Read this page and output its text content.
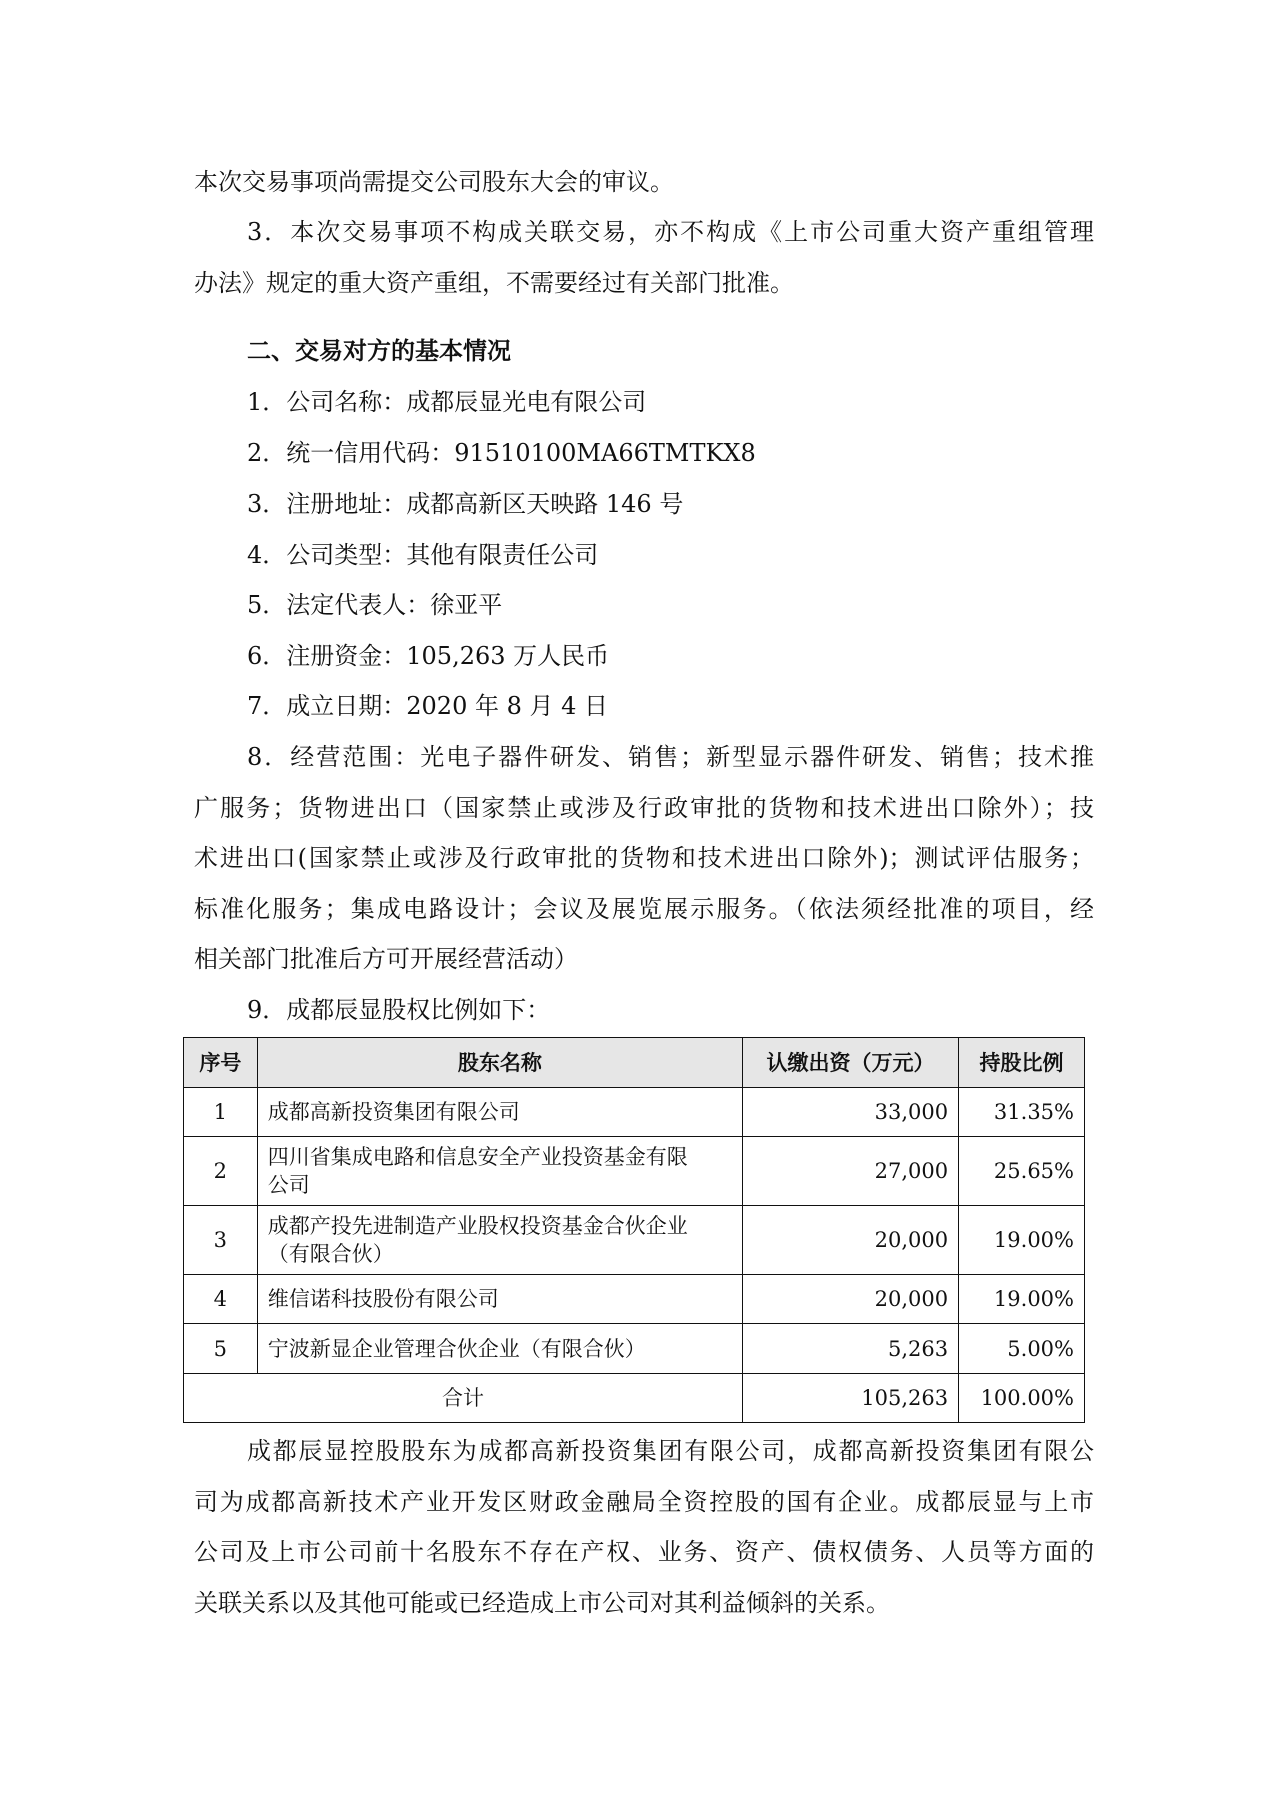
本次交易事项尚需提交公司股东大会的审议。
3．本次交易事项不构成关联交易，亦不构成《上市公司重大资产重组管理
办法》规定的重大资产重组，不需要经过有关部门批准。
二、交易对方的基本情况
1．公司名称：成都辰显光电有限公司
2．统一信用代码：91510100MA66TMTKX8
3．注册地址：成都高新区天映路 146 号
4．公司类型：其他有限责任公司
5．法定代表人：徐亚平
6．注册资金：105,263 万人民币
7．成立日期：2020 年 8 月 4 日
8．经营范围：光电子器件研发、销售；新型显示器件研发、销售；技术推
广服务；货物进出口（国家禁止或涉及行政审批的货物和技术进出口除外）；技
术进出口(国家禁止或涉及行政审批的货物和技术进出口除外)；测试评估服务；
标准化服务；集成电路设计；会议及展览展示服务。（依法须经批准的项目，经
相关部门批准后方可开展经营活动）
9．成都辰显股权比例如下：
序号	股东名称	认缴出资（万元）	持股比例
1	成都高新投资集团有限公司	33,000	31.35%
2	四川省集成电路和信息安全产业投资基金有限
公司	27,000	25.65%
3	成都产投先进制造产业股权投资基金合伙企业
（有限合伙）	20,000	19.00%
4	维信诺科技股份有限公司	20,000	19.00%
5	宁波新显企业管理合伙企业（有限合伙）	5,263	5.00%
合计		105,263	100.00%
成都辰显控股股东为成都高新投资集团有限公司，成都高新投资集团有限公
司为成都高新技术产业开发区财政金融局全资控股的国有企业。成都辰显与上市
公司及上市公司前十名股东不存在产权、业务、资产、债权债务、人员等方面的
关联关系以及其他可能或已经造成上市公司对其利益倾斜的关系。
